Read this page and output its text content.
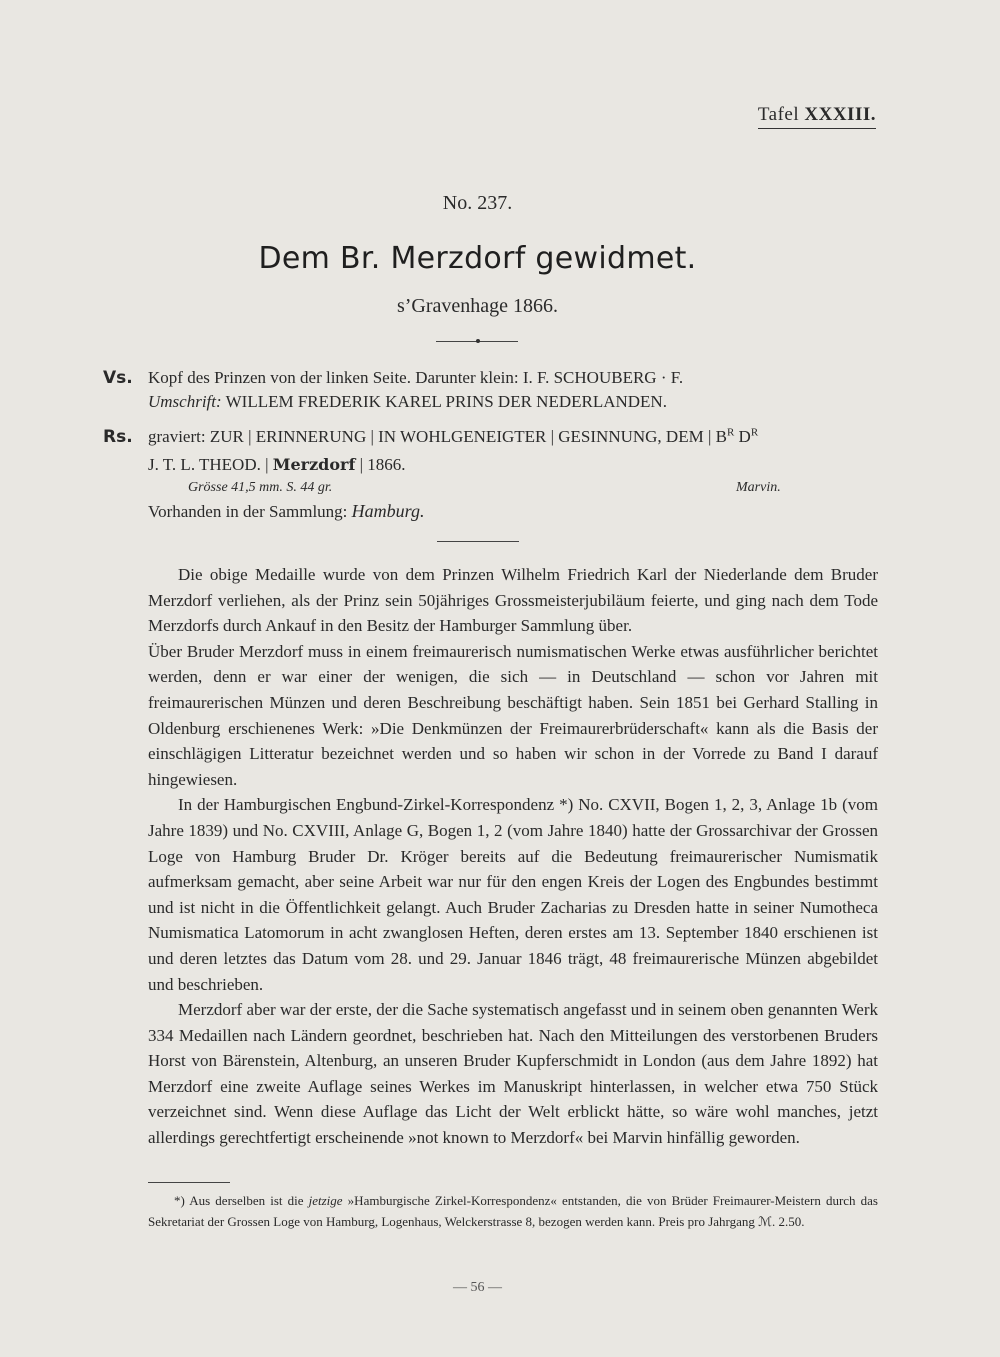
Tafel XXXIII.
No. 237.
Dem Br. Merzdorf gewidmet.
s’Gravenhage 1866.
Vs. Kopf des Prinzen von der linken Seite. Darunter klein: I. F. SCHOUBERG · F.
Umschrift: WILLEM FREDERIK KAREL PRINS DER NEDERLANDEN.
Rs. graviert: ZUR | ERINNERUNG | IN WOHLGENEIGTER | GESINNUNG, DEM | $B^R$ $D^R$
J. T. L. THEOD. | Merzdorf | 1866.
Grösse 41,5 mm. S. 44 gr.	Marvin.
Vorhanden in der Sammlung: Hamburg.

Die obige Medaille wurde von dem Prinzen Wilhelm Friedrich Karl der Niederlande dem Bruder Merzdorf verliehen, als der Prinz sein 50jähriges Grossmeisterjubiläum feierte, und ging nach dem Tode Merzdorfs durch Ankauf in den Besitz der Hamburger Sammlung über.

Über Bruder Merzdorf muss in einem freimaurerisch numismatischen Werke etwas ausführlicher berichtet werden, denn er war einer der wenigen, die sich — in Deutschland — schon vor Jahren mit freimaurerischen Münzen und deren Beschreibung beschäftigt haben. Sein 1851 bei Gerhard Stalling in Oldenburg erschienenes Werk: »Die Denkmünzen der Freimaurerbrüderschaft« kann als die Basis der einschlägigen Litteratur bezeichnet werden und so haben wir schon in der Vorrede zu Band I darauf hingewiesen.

In der Hamburgischen Engbund-Zirkel-Korrespondenz *) No. CXVII, Bogen 1, 2, 3, Anlage 1b (vom Jahre 1839) und No. CXVIII, Anlage G, Bogen 1, 2 (vom Jahre 1840) hatte der Grossarchivar der Grossen Loge von Hamburg Bruder Dr. Kröger bereits auf die Bedeutung freimaurerischer Numismatik aufmerksam gemacht, aber seine Arbeit war nur für den engen Kreis der Logen des Engbundes bestimmt und ist nicht in die Öffentlichkeit gelangt. Auch Bruder Zacharias zu Dresden hatte in seiner Numotheca Numismatica Latomorum in acht zwanglosen Heften, deren erstes am 13. September 1840 erschienen ist und deren letztes das Datum vom 28. und 29. Januar 1846 trägt, 48 freimaurerische Münzen abgebildet und beschrieben.

Merzdorf aber war der erste, der die Sache systematisch angefasst und in seinem oben genannten Werk 334 Medaillen nach Ländern geordnet, beschrieben hat. Nach den Mitteilungen des verstorbenen Bruders Horst von Bärenstein, Altenburg, an unseren Bruder Kupferschmidt in London (aus dem Jahre 1892) hat Merzdorf eine zweite Auflage seines Werkes im Manuskript hinterlassen, in welcher etwa 750 Stück verzeichnet sind. Wenn diese Auflage das Licht der Welt erblickt hätte, so wäre wohl manches, jetzt allerdings gerechtfertigt erscheinende »not known to Merzdorf« bei Marvin hinfällig geworden.

*) Aus derselben ist die jetzige »Hamburgische Zirkel-Korrespondenz« entstanden, die von Brüder Freimaurer-Meistern durch das Sekretariat der Grossen Loge von Hamburg, Logenhaus, Welckerstrasse 8, bezogen werden kann. Preis pro Jahrgang ℳ. 2.50.

— 56 —
